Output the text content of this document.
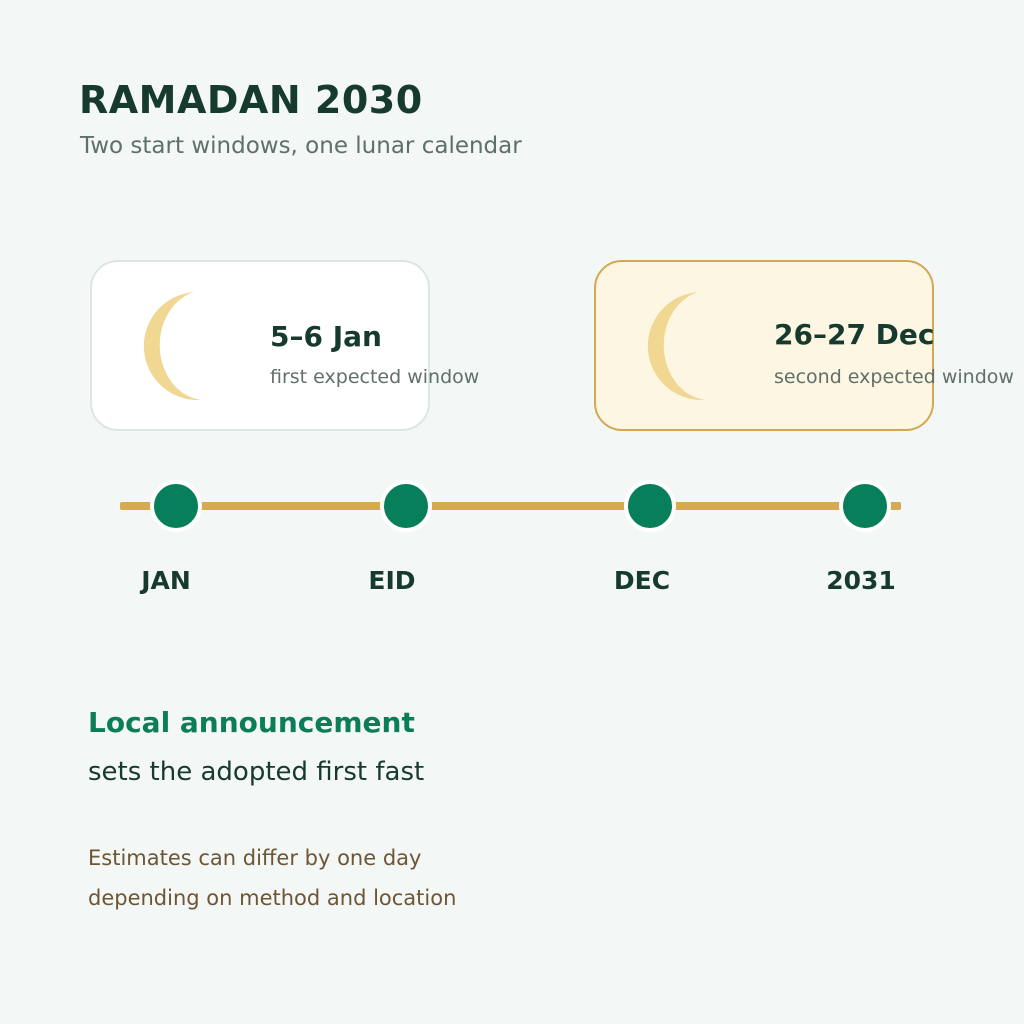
RAMADAN 2030
Two start windows, one lunar calendar
5–6 Jan
first expected window
26–27 Dec
second expected window
JAN	EID	DEC	2031
Local announcement
sets the adopted first fast
Estimates can differ by one day
depending on method and location
